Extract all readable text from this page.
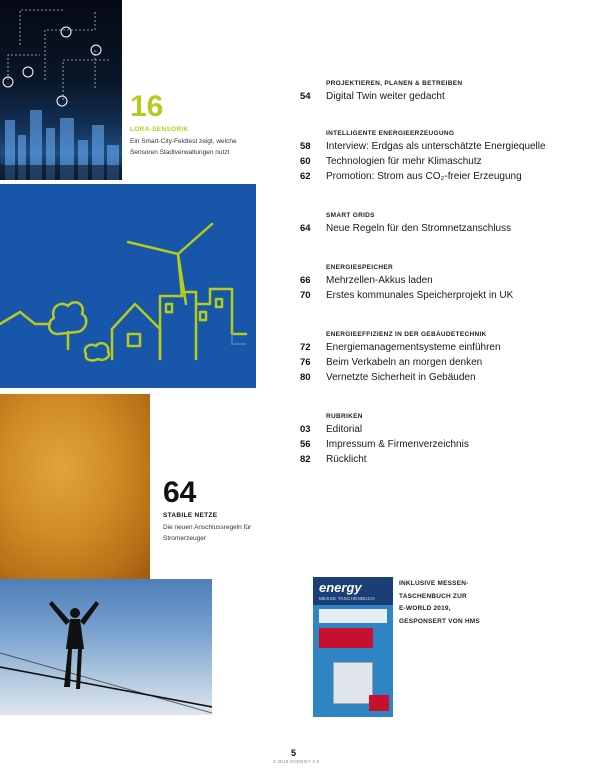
16
LORA-SENSORIK
Ein Smart-City-Feldtest zeigt, welche
Sensoren Stadtverwaltungen nutzt
64
STABILE NETZE
Die neuen Anschlussregeln für
Stromerzeuger
PROJEKTIEREN, PLANEN & BETREIBEN
54	Digital Twin weiter gedacht
INTELLIGENTE ENERGIEERZEUGUNG
58	Interview: Erdgas als unterschätzte Energiequelle
60	Technologien für mehr Klimaschutz
62	Promotion: Strom aus CO₂-freier Erzeugung
SMART GRIDS
64	Neue Regeln für den Stromnetzanschluss
ENERGIESPEICHER
66	Mehrzellen-Akkus laden
70	Erstes kommunales Speicherprojekt in UK
ENERGIEEFFIZIENZ IN DER GEBÄUDETECHNIK
72	Energiemanagementsysteme einführen
76	Beim Verkabeln an morgen denken
80	Vernetzte Sicherheit in Gebäuden
RUBRIKEN
03	Editorial
56	Impressum & Firmenverzeichnis
82	Rücklicht
energy
MESSE TASCHENBUCH
INKLUSIVE MESSEN-
TASCHENBUCH ZUR
E-WORLD 2019,
GESPONSERT VON HMS
5
2.2019 ENERGY 4.0
